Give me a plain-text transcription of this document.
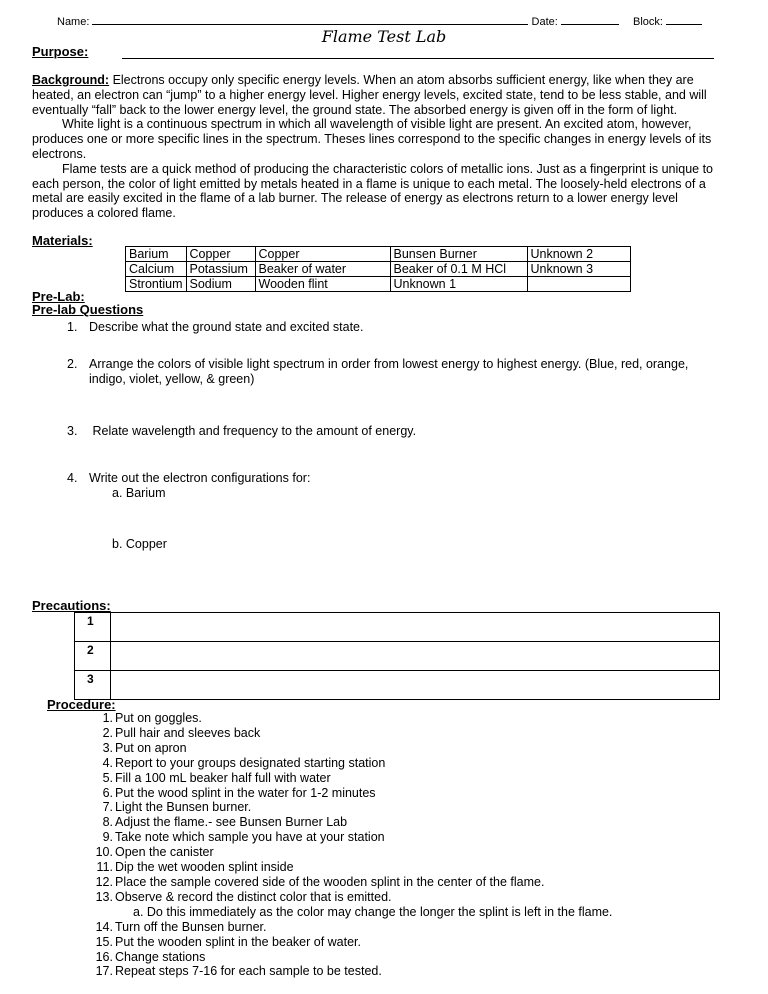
Name:	Date:	Block:
Flame Test Lab
Purpose:

Background: Electrons occupy only specific energy levels. When an atom absorbs sufficient energy, like when they are heated, an electron can “jump” to a higher energy level. Higher energy levels, excited state, tend to be less stable, and will eventually “fall” back to the lower energy level, the ground state. The absorbed energy is given off in the form of light.

White light is a continuous spectrum in which all wavelength of visible light are present. An excited atom, however, produces one or more specific lines in the spectrum. Theses lines correspond to the specific changes in energy levels of its electrons.

Flame tests are a quick method of producing the characteristic colors of metallic ions. Just as a fingerprint is unique to each person, the color of light emitted by metals heated in a flame is unique to each metal. The loosely-held electrons of a metal are easily excited in the flame of a lab burner. The release of energy as electrons return to a lower energy level produces a colored flame.

Materials:
Barium	Copper	Copper	Bunsen Burner	Unknown 2
Calcium	Potassium	Beaker of water	Beaker of 0.1 M HCl	Unknown 3
Strontium	Sodium	Wooden flint	Unknown 1	
Pre-Lab:
Pre-lab Questions
1. Describe what the ground state and excited state.
2. Arrange the colors of visible light spectrum in order from lowest energy to highest energy. (Blue, red, orange,
indigo, violet, yellow, & green)
3. Relate wavelength and frequency to the amount of energy.
4. Write out the electron configurations for:
a. Barium
b. Copper
Precautions:
1	
2	
3	
Procedure:
1. Put on goggles.
2. Pull hair and sleeves back
3. Put on apron
4. Report to your groups designated starting station
5. Fill a 100 mL beaker half full with water
6. Put the wood splint in the water for 1-2 minutes
7. Light the Bunsen burner.
8. Adjust the flame.- see Bunsen Burner Lab
9. Take note which sample you have at your station
10. Open the canister
11. Dip the wet wooden splint inside
12. Place the sample covered side of the wooden splint in the center of the flame.
13. Observe & record the distinct color that is emitted.
a. Do this immediately as the color may change the longer the splint is left in the flame.
14. Turn off the Bunsen burner.
15. Put the wooden splint in the beaker of water.
16. Change stations
17. Repeat steps 7-16 for each sample to be tested.
